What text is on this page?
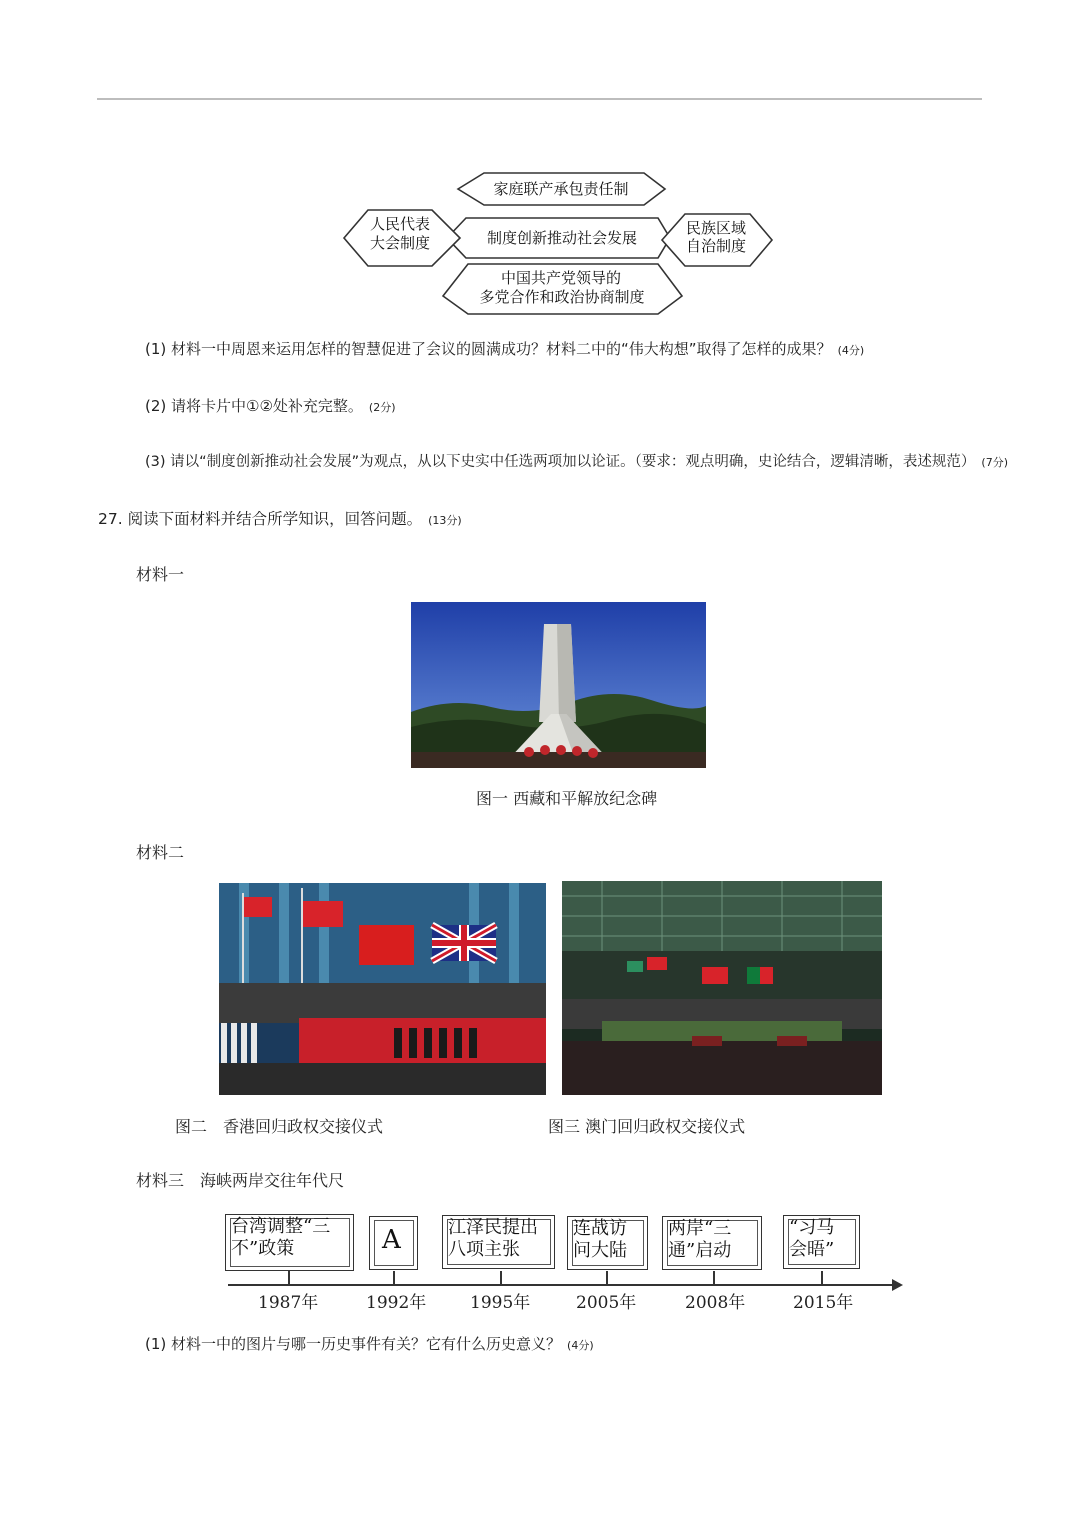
家庭联产承包责任制
制度创新推动社会发展
人民代表
大会制度
民族区域
自治制度
中国共产党领导的
多党合作和政治协商制度
(1) 材料一中周恩来运用怎样的智慧促进了会议的圆满成功？材料二中的“伟大构想”取得了怎样的成果？ (4分)
(2) 请将卡片中①②处补充完整。 (2分)
(3) 请以“制度创新推动社会发展”为观点，从以下史实中任选两项加以论证。（要求：观点明确，史论结合，逻辑清晰，表述规范） (7分)
27. 阅读下面材料并结合所学知识，回答问题。 (13分)
材料一
图一 西藏和平解放纪念碑
材料二
图二　香港回归政权交接仪式	图三 澳门回归政权交接仪式
材料三　海峡两岸交往年代尺
台湾调整“三
不”政策	A	江泽民提出
八项主张
连战访
问大陆
两岸“三
通”启动
“习马
会晤”
1987年	1992年	1995年	2005年	2008年	2015年
(1) 材料一中的图片与哪一历史事件有关？它有什么历史意义？ (4分)
